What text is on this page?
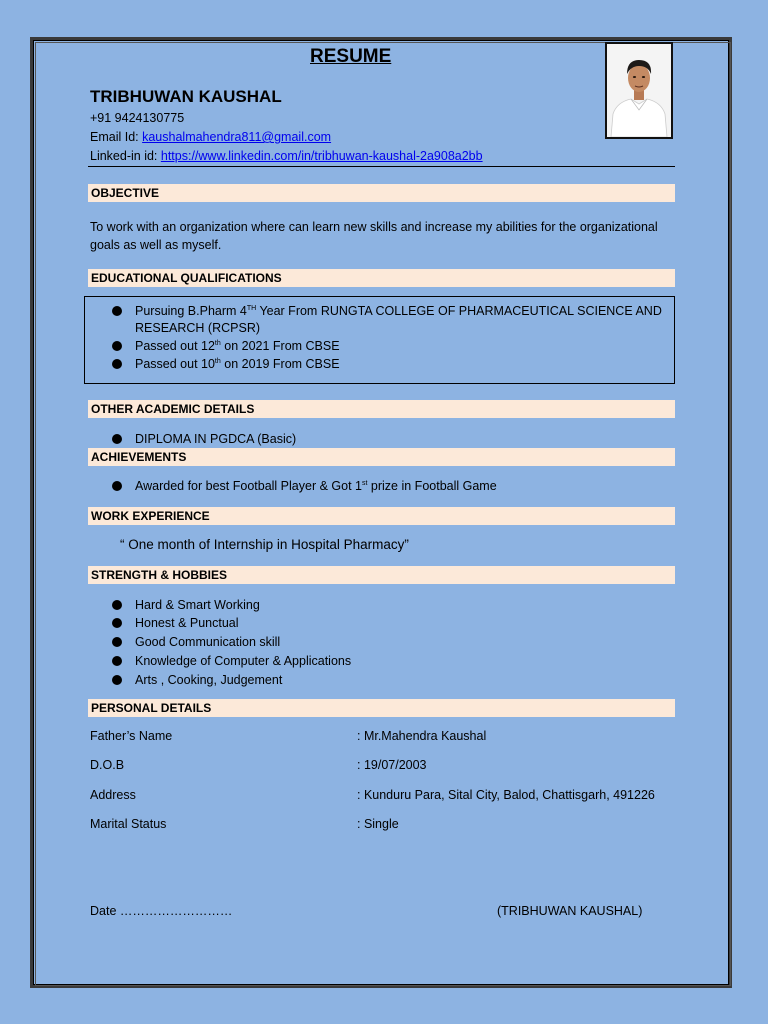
RESUME
TRIBHUWAN KAUSHAL
+91 9424130775
Email Id: kaushalmahendra811@gmail.com
Linked-in id: https://www.linkedin.com/in/tribhuwan-kaushal-2a908a2bb
OBJECTIVE
To work with an organization where can learn new skills and increase my abilities for the organizational
goals as well as myself.
EDUCATIONAL QUALIFICATIONS
Pursuing B.Pharm 4TH Year From RUNGTA COLLEGE OF PHARMACEUTICAL SCIENCE AND
RESEARCH (RCPSR)
Passed out 12th on 2021 From CBSE
Passed out 10th on 2019 From CBSE
OTHER ACADEMIC DETAILS
DIPLOMA IN PGDCA (Basic)
ACHIEVEMENTS
Awarded for best Football Player & Got 1st prize in Football Game
WORK EXPERIENCE
“ One month of Internship in Hospital Pharmacy”
STRENGTH & HOBBIES
Hard & Smart Working
Honest & Punctual
Good Communication skill
Knowledge of Computer & Applications
Arts , Cooking, Judgement
PERSONAL DETAILS
Father’s Name	: Mr.Mahendra Kaushal
D.O.B	: 19/07/2003
Address	: Kunduru Para, Sital City, Balod, Chattisgarh, 491226
Marital Status	: Single
Date ………………………	(TRIBHUWAN KAUSHAL)
